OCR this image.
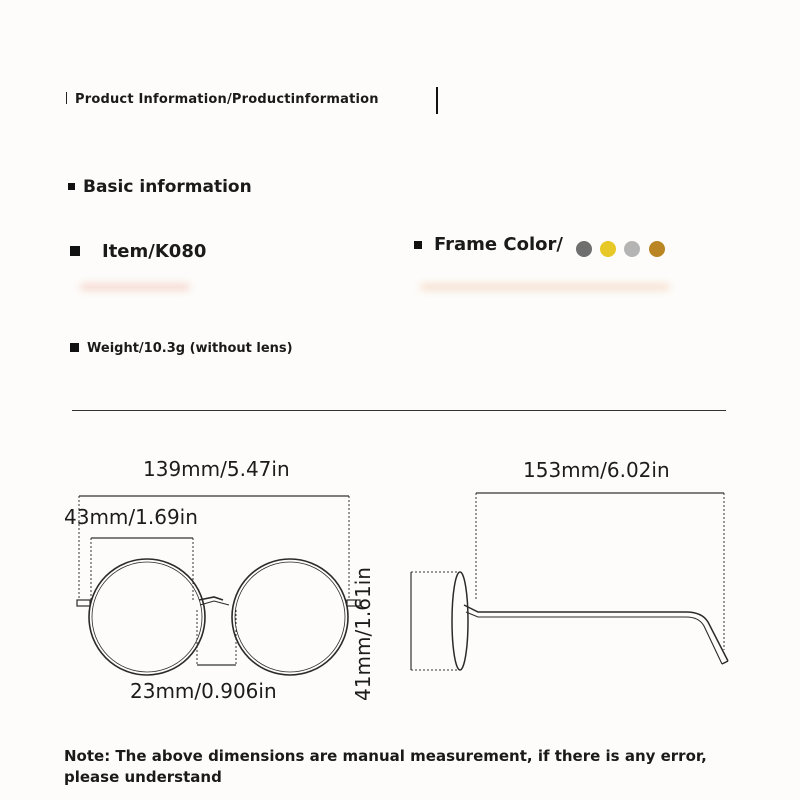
Product Information/Productinformation
Basic information
Item/K080	Frame Color/
Weight/10.3g (without lens)
139mm/5.47in
43mm/1.69in
23mm/0.906in
153mm/6.02in
41mm/1.61in
Note: The above dimensions are manual measurement, if there is any error, please understand
